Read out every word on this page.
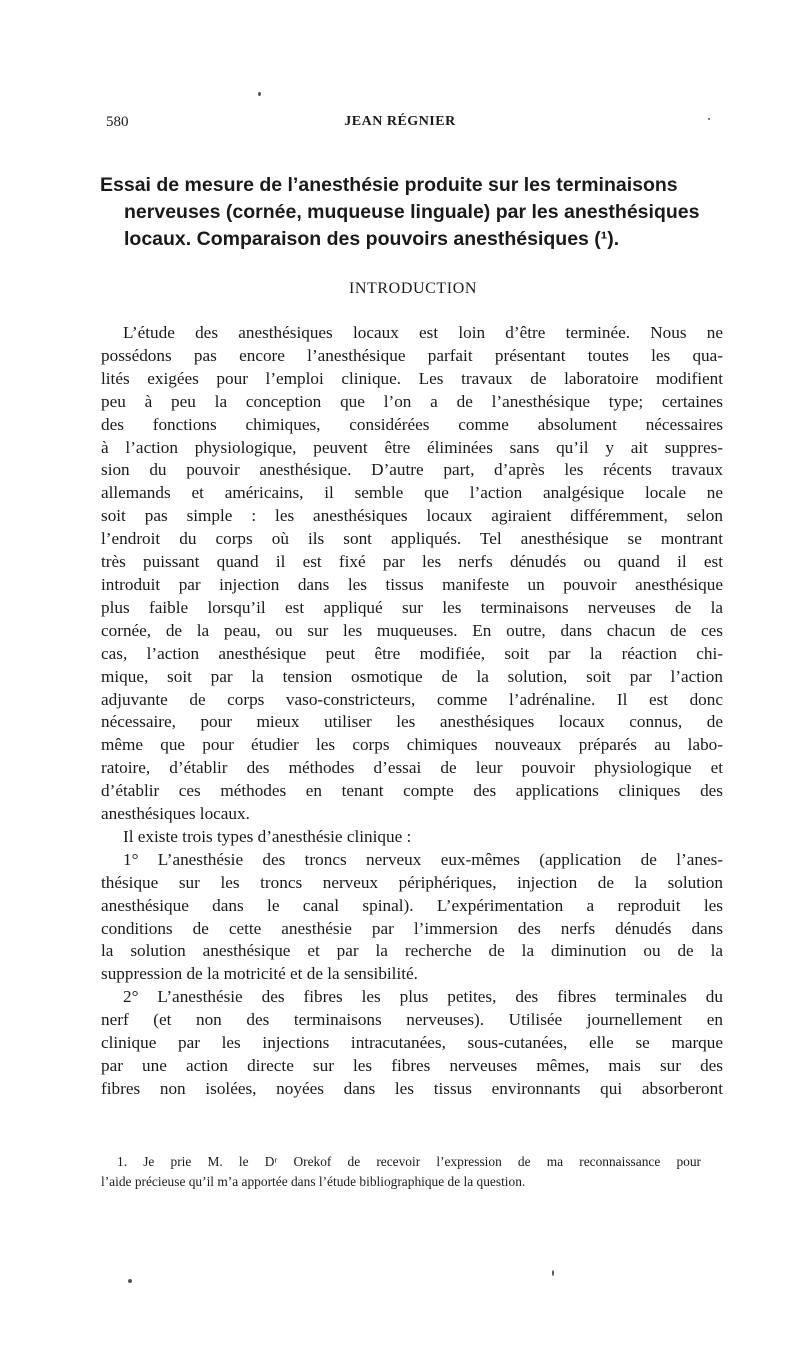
580	JEAN RÉGNIER
Essai de mesure de l’anesthésie produite sur les terminaisons
nerveuses (cornée, muqueuse linguale) par les anesthésiques
locaux. Comparaison des pouvoirs anesthésiques (¹).
INTRODUCTION
L’étude des anesthésiques locaux est loin d’être terminée. Nous ne
possédons pas encore l’anesthésique parfait présentant toutes les qua-
lités exigées pour l’emploi clinique. Les travaux de laboratoire modifient
peu à peu la conception que l’on a de l’anesthésique type; certaines
des fonctions chimiques, considérées comme absolument nécessaires
à l’action physiologique, peuvent être éliminées sans qu’il y ait suppres-
sion du pouvoir anesthésique. D’autre part, d’après les récents travaux
allemands et américains, il semble que l’action analgésique locale ne
soit pas simple : les anesthésiques locaux agiraient différemment, selon
l’endroit du corps où ils sont appliqués. Tel anesthésique se montrant
très puissant quand il est fixé par les nerfs dénudés ou quand il est
introduit par injection dans les tissus manifeste un pouvoir anesthésique
plus faible lorsqu’il est appliqué sur les terminaisons nerveuses de la
cornée, de la peau, ou sur les muqueuses. En outre, dans chacun de ces
cas, l’action anesthésique peut être modifiée, soit par la réaction chi-
mique, soit par la tension osmotique de la solution, soit par l’action
adjuvante de corps vaso-constricteurs, comme l’adrénaline. Il est donc
nécessaire, pour mieux utiliser les anesthésiques locaux connus, de
même que pour étudier les corps chimiques nouveaux préparés au labo-
ratoire, d’établir des méthodes d’essai de leur pouvoir physiologique et
d’établir ces méthodes en tenant compte des applications cliniques des
anesthésiques locaux.
Il existe trois types d’anesthésie clinique :
1° L’anesthésie des troncs nerveux eux-mêmes (application de l’anes-
thésique sur les troncs nerveux périphériques, injection de la solution
anesthésique dans le canal spinal). L’expérimentation a reproduit les
conditions de cette anesthésie par l’immersion des nerfs dénudés dans
la solution anesthésique et par la recherche de la diminution ou de la
suppression de la motricité et de la sensibilité.
2° L’anesthésie des fibres les plus petites, des fibres terminales du
nerf (et non des terminaisons nerveuses). Utilisée journellement en
clinique par les injections intracutanées, sous-cutanées, elle se marque
par une action directe sur les fibres nerveuses mêmes, mais sur des
fibres non isolées, noyées dans les tissus environnants qui absorberont
1. Je prie M. le Dʳ Orekof de recevoir l’expression de ma reconnaissance pour
l’aide précieuse qu’il m’a apportée dans l’étude bibliographique de la question.
